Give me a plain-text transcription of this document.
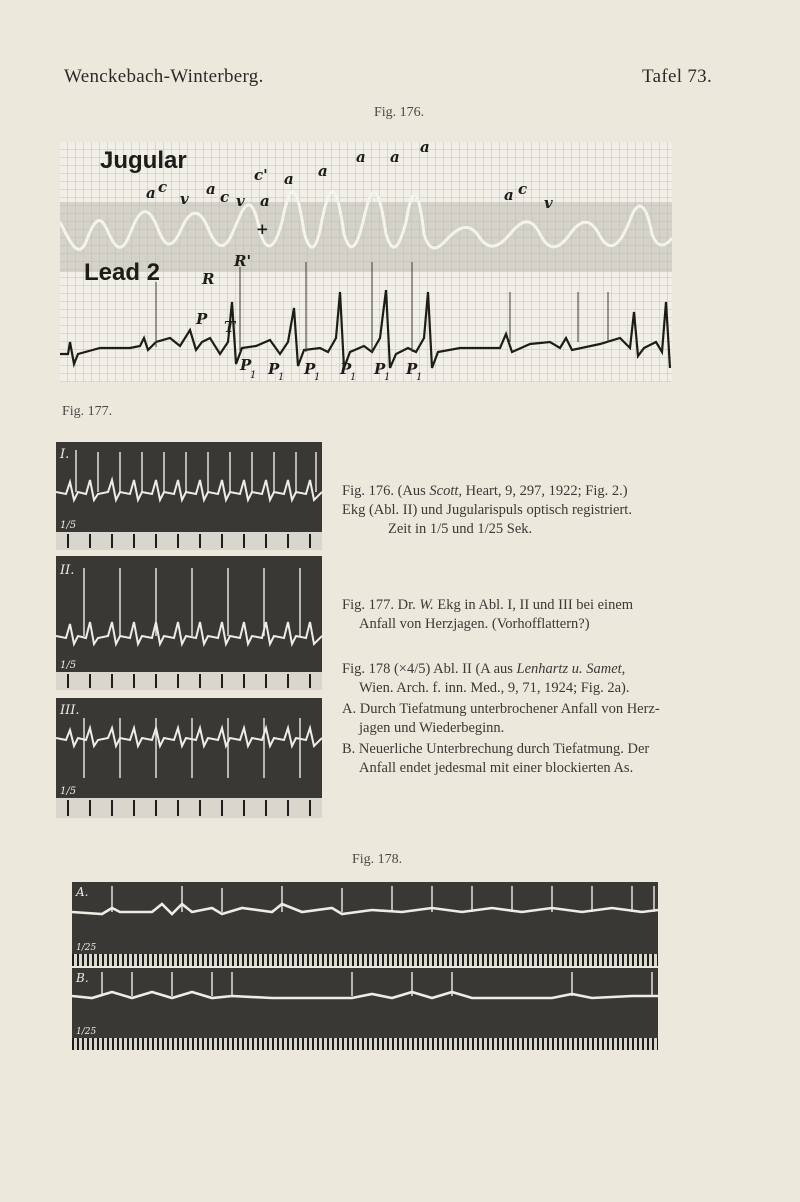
Wenckebach-Winterberg.	Tafel 73.
Fig. 176.
Jugular
Lead 2
a c
v
a c v a
c' a a
a a
a
a c
v
+
R
R'
P T
P P P P P P
1 1	1	1	1	1
Fig. 177.
I.
1/5
II.
1/5
III.
1/5
Fig. 176. (Aus Scott, Heart, 9, 297, 1922; Fig. 2.)
Ekg (Abl. II) und Jugularispuls optisch registriert.
Zeit in 1/5 und 1/25 Sek.
Fig. 177. Dr. W. Ekg in Abl. I, II und III bei einem
Anfall von Herzjagen. (Vorhofflattern?)
Fig. 178 (×4/5) Abl. II (A aus Lenhartz u. Samet,
Wien. Arch. f. inn. Med., 9, 71, 1924; Fig. 2a).
A. Durch Tiefatmung unterbrochener Anfall von Herz-
jagen und Wiederbeginn.
B. Neuerliche Unterbrechung durch Tiefatmung. Der
Anfall endet jedesmal mit einer blockierten As.
Fig. 178.
A.
1/25
B.
1/25
